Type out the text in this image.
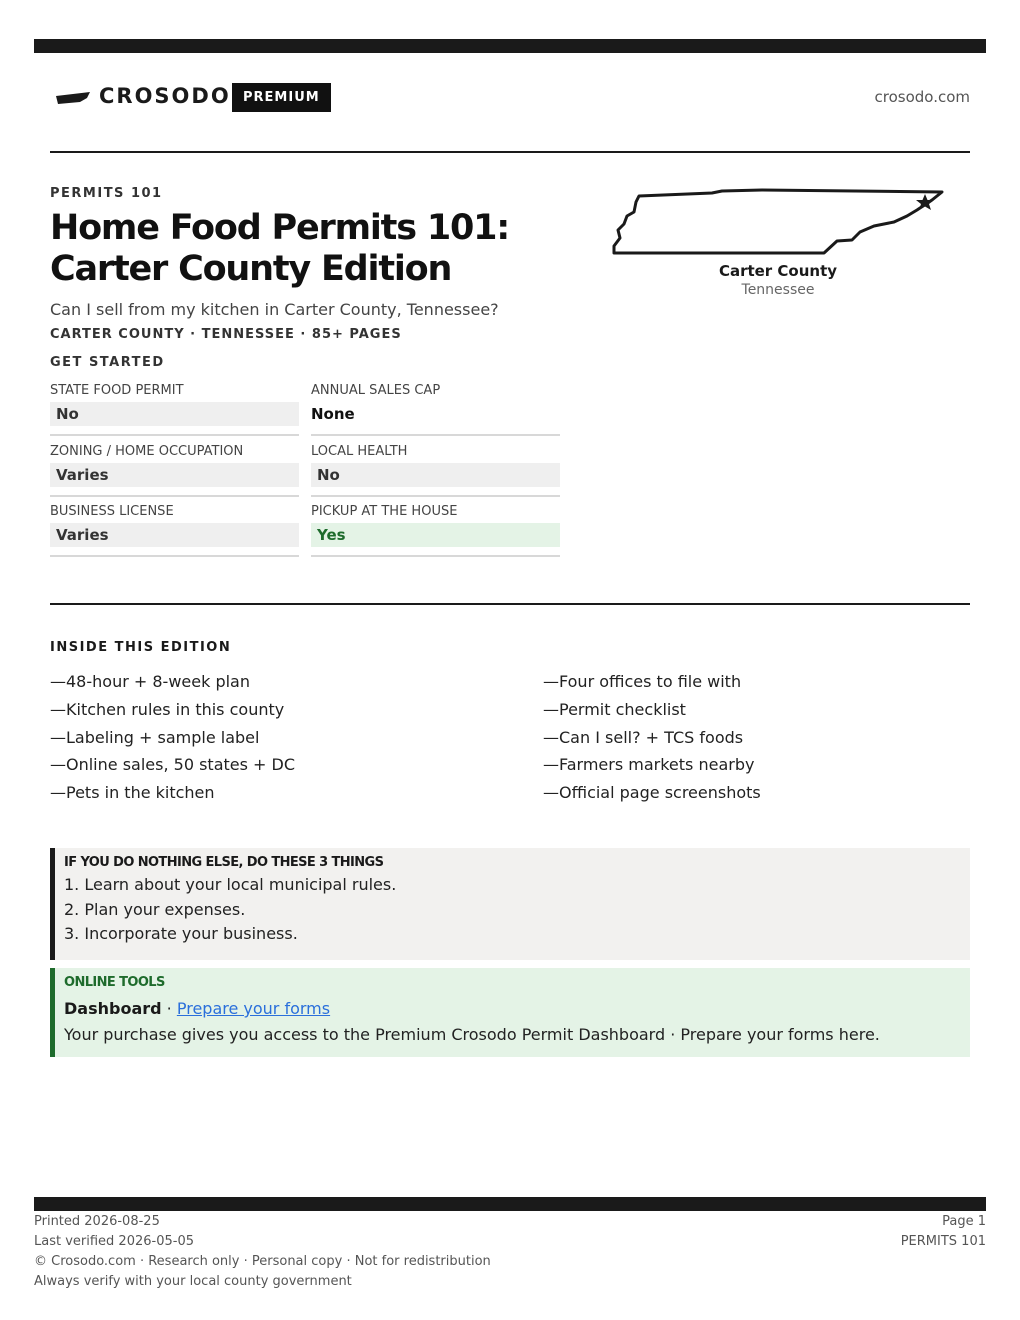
CROSODO PREMIUM	crosodo.com
PERMITS 101
Home Food Permits 101: Carter County Edition
Can I sell from my kitchen in Carter County, Tennessee?
CARTER COUNTY · TENNESSEE · 85+ PAGES
GET STARTED
STATE FOOD PERMIT
No
ANNUAL SALES CAP
None
ZONING / HOME OCCUPATION
Varies
LOCAL HEALTH
No
BUSINESS LICENSE
Varies
PICKUP AT THE HOUSE
Yes
Carter County
Tennessee
INSIDE THIS EDITION
—48-hour + 8-week plan
—Kitchen rules in this county
—Labeling + sample label
—Online sales, 50 states + DC
—Pets in the kitchen
—Four offices to file with
—Permit checklist
—Can I sell? + TCS foods
—Farmers markets nearby
—Official page screenshots
IF YOU DO NOTHING ELSE, DO THESE 3 THINGS
1. Learn about your local municipal rules.
2. Plan your expenses.
3. Incorporate your business.
ONLINE TOOLS
Dashboard · Prepare your forms
Your purchase gives you access to the Premium Crosodo Permit Dashboard · Prepare your forms here.
Printed 2026-08-25
Last verified 2026-05-05
© Crosodo.com · Research only · Personal copy · Not for redistribution
Always verify with your local county government
Page 1
PERMITS 101
